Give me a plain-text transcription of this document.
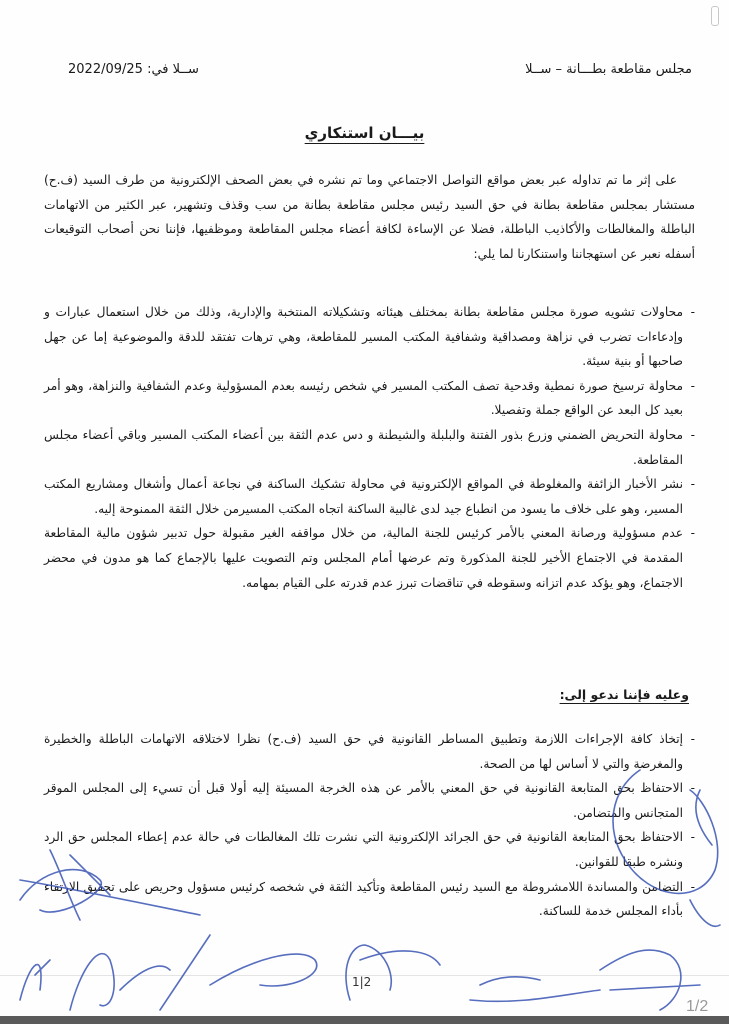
مجلس مقاطعة بطـــانة – ســلا
ســلا في: 2022/09/25
بيـــان استنكاري
على إثر ما تم تداوله عبر بعض مواقع التواصل الاجتماعي وما تم نشره في بعض الصحف الإلكترونية من طرف السيد (ف.ح) مستشار بمجلس مقاطعة بطانة في حق السيد رئيس مجلس مقاطعة بطانة من سب وقذف وتشهير، عبر الكثير من الاتهامات الباطلة والمغالطات والأكاذيب الباطلة، فضلا عن الإساءة لكافة أعضاء مجلس المقاطعة وموظفيها، فإننا نحن أصحاب التوقيعات أسفله نعبر عن استهجاننا واستنكارنا لما يلي:

- محاولات تشويه صورة مجلس مقاطعة بطانة بمختلف هيئاته وتشكيلاته المنتخبة والإدارية، وذلك من خلال استعمال عبارات و وإدعاءات تضرب في نزاهة ومصداقية وشفافية المكتب المسير للمقاطعة، وهي ترهات تفتقد للدقة والموضوعية إما عن جهل صاحبها أو بنية سيئة.

- محاولة ترسيخ صورة نمطية وقدحية تصف المكتب المسير في شخص رئيسه بعدم المسؤولية وعدم الشفافية والنزاهة، وهو أمر بعيد كل البعد عن الواقع جملة وتفصيلا.

- محاولة التحريض الضمني وزرع بذور الفتنة والبلبلة والشيطنة و دس عدم الثقة بين أعضاء المكتب المسير وباقي أعضاء مجلس المقاطعة.

- نشر الأخبار الزائفة والمغلوطة في المواقع الإلكترونية في محاولة تشكيك الساكنة في نجاعة أعمال وأشغال ومشاريع المكتب المسير، وهو على خلاف ما يسود من انطباع جيد لدى غالبية الساكنة اتجاه المكتب المسيرمن خلال الثقة الممنوحة إليه.

- عدم مسؤولية ورصانة المعني بالأمر كرئيس للجنة المالية، من خلال مواقفه الغير مقبولة حول تدبير شؤون مالية المقاطعة المقدمة في الاجتماع الأخير للجنة المذكورة وتم عرضها أمام المجلس وتم التصويت عليها بالإجماع كما هو مدون في محضر الاجتماع، وهو يؤكد عدم اتزانه وسقوطه في تناقضات تبرز عدم قدرته على القيام بمهامه.

وعليه فإننا ندعو إلى:

- إتخاذ كافة الإجراءات اللازمة وتطبيق المساطر القانونية في حق السيد (ف.ح) نظرا لاختلاقه الاتهامات الباطلة والخطيرة والمغرضة والتي لا أساس لها من الصحة.

- الاحتفاظ بحق المتابعة القانونية في حق المعني بالأمر عن هذه الخرجة المسيئة إليه أولا قبل أن تسيء إلى المجلس الموقر المتجانس والمتضامن.

- الاحتفاظ بحق المتابعة القانونية في حق الجرائد الإلكترونية التي نشرت تلك المغالطات في حالة عدم إعطاء المجلس حق الرد ونشره طبقا للقوانين.

- التضامن والمساندة اللامشروطة مع السيد رئيس المقاطعة وتأكيد الثقة في شخصه كرئيس مسؤول وحريص على تحقيق الارتقاء بأداء المجلس خدمة للساكنة.

1|2
1/2
